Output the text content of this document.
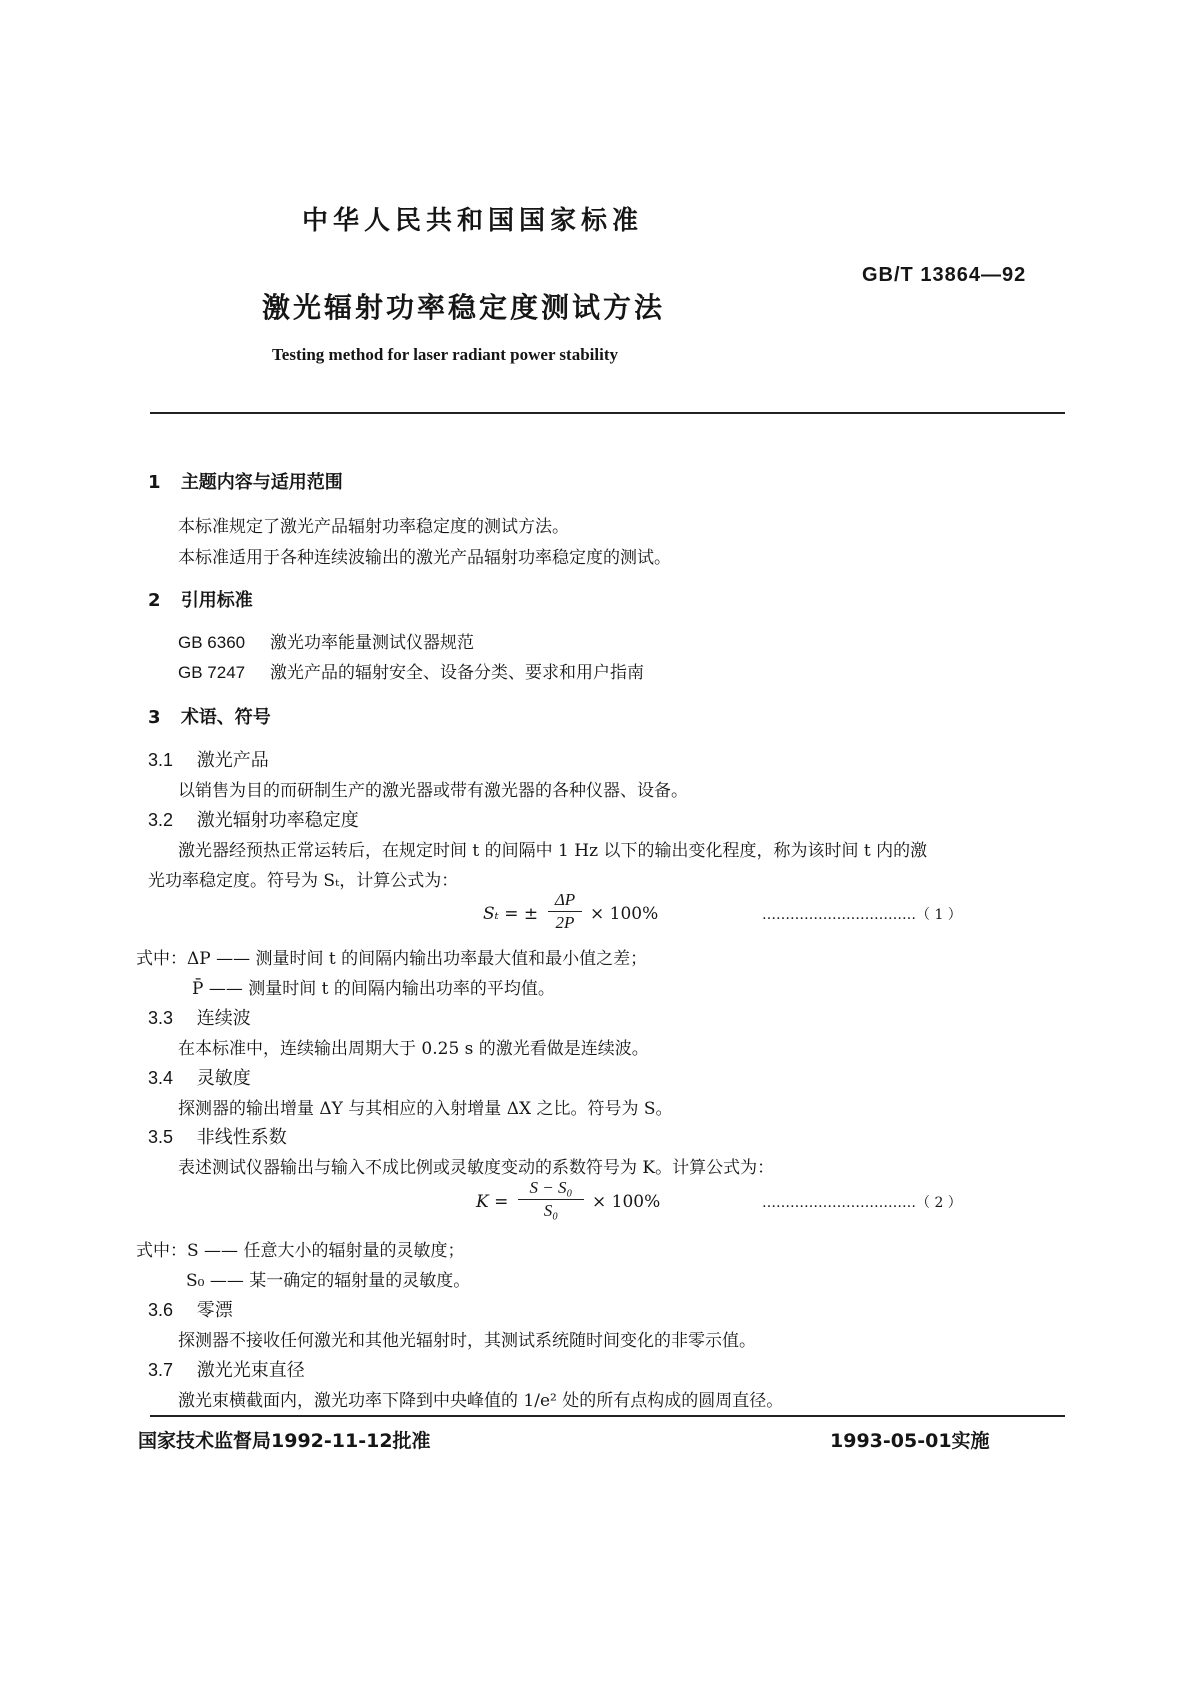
中华人民共和国国家标准
GB/T 13864—92
激光辐射功率稳定度测试方法
Testing method for laser radiant power stability
1 主题内容与适用范围
本标准规定了激光产品辐射功率稳定度的测试方法。
本标准适用于各种连续波输出的激光产品辐射功率稳定度的测试。
2 引用标准
GB 6360 激光功率能量测试仪器规范
GB 7247 激光产品的辐射安全、设备分类、要求和用户指南
3 术语、符号
3.1 激光产品
以销售为目的而研制生产的激光器或带有激光器的各种仪器、设备。
3.2 激光辐射功率稳定度
激光器经预热正常运转后，在规定时间 t 的间隔中 1 Hz 以下的输出变化程度，称为该时间 t 内的激
光功率稳定度。符号为 Sₜ，计算公式为：
Sₜ = ±
ΔP
2P × 100%	……………………………（ 1 ）
式中：ΔP —— 测量时间 t 的间隔内输出功率最大值和最小值之差；
P̄ —— 测量时间 t 的间隔内输出功率的平均值。
3.3 连续波
在本标准中，连续输出周期大于 0.25 s 的激光看做是连续波。
3.4 灵敏度
探测器的输出增量 ΔY 与其相应的入射增量 ΔX 之比。符号为 S。
3.5 非线性系数
表述测试仪器输出与输入不成比例或灵敏度变动的系数符号为 K。计算公式为：
K =
S − S₀
S₀	× 100%	……………………………（ 2 ）
式中：S —— 任意大小的辐射量的灵敏度；
S₀ —— 某一确定的辐射量的灵敏度。
3.6 零漂
探测器不接收任何激光和其他光辐射时，其测试系统随时间变化的非零示值。
3.7 激光光束直径
激光束横截面内，激光功率下降到中央峰值的 1/e² 处的所有点构成的圆周直径。
国家技术监督局1992-11-12批准	1993-05-01实施
